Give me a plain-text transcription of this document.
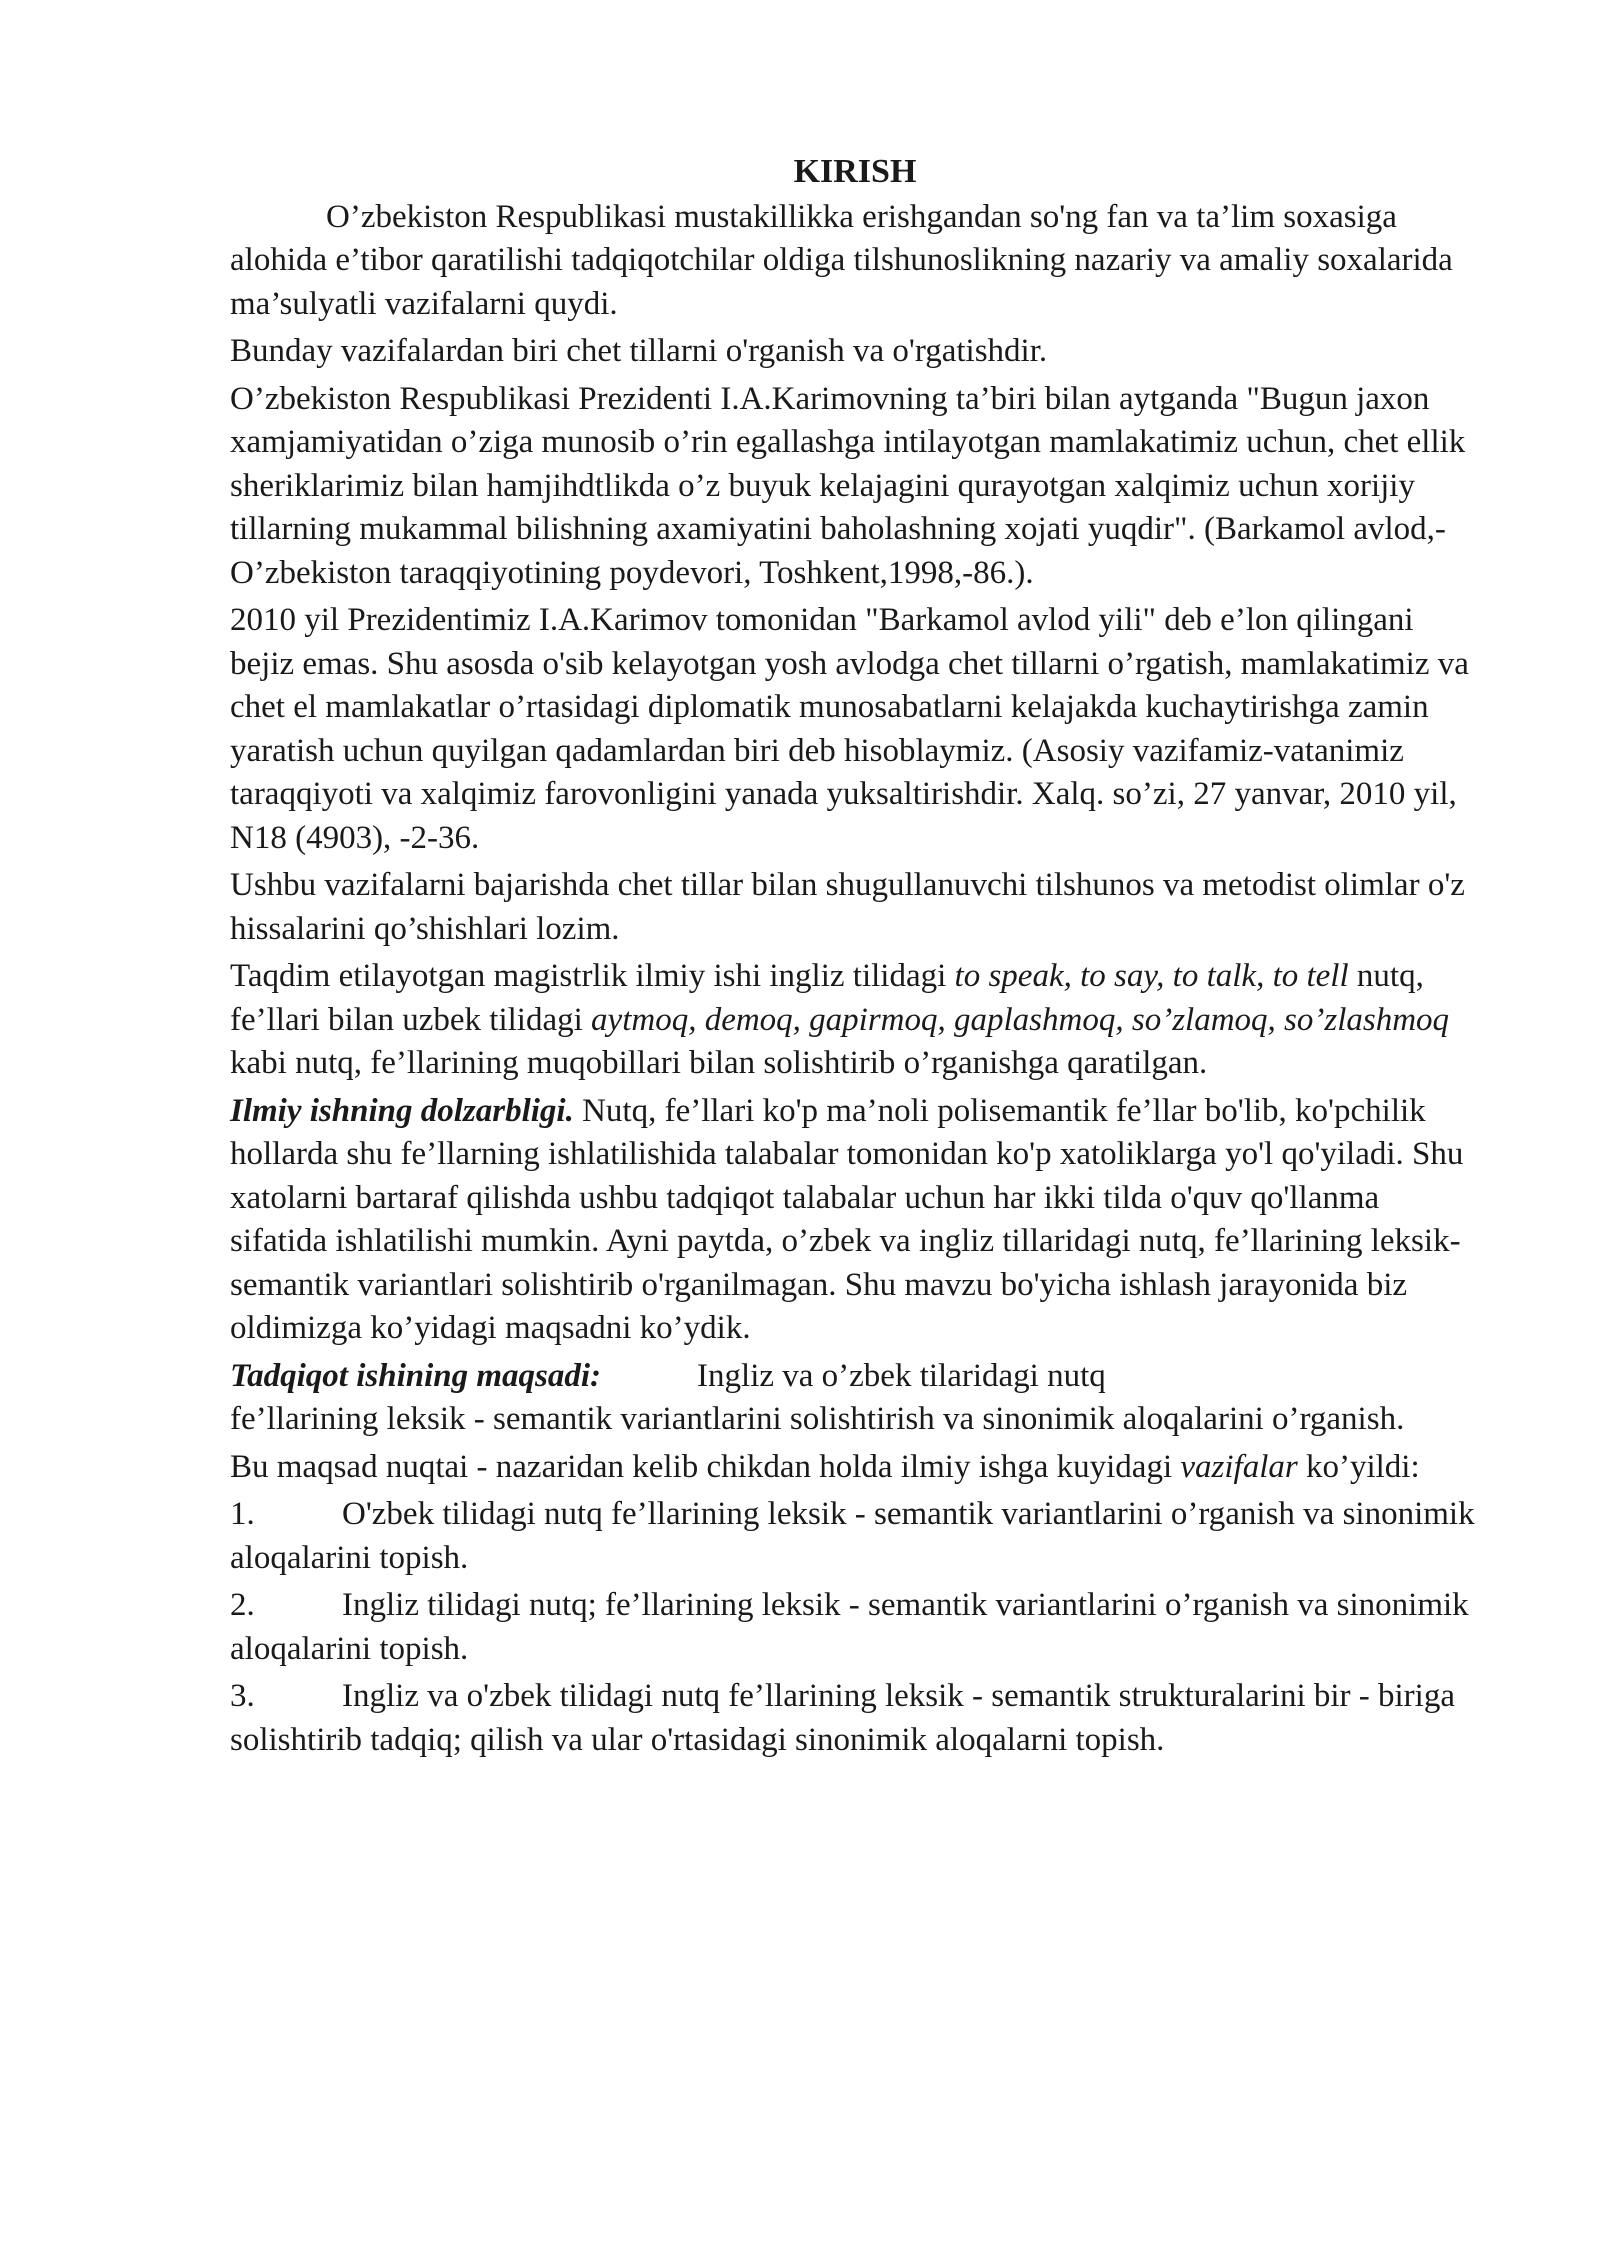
KIRISH

O’zbekiston Respublikasi mustakillikka erishgandan so'ng fan va ta’lim soxasiga alohida e’tibor qaratilishi tadqiqotchilar oldiga tilshunoslikning nazariy va amaliy soxalarida ma’sulyatli vazifalarni quydi.

Bunday vazifalardan biri chet tillarni o'rganish va o'rgatishdir.

O’zbekiston Respublikasi Prezidenti I.A.Karimovning ta’biri bilan aytganda "Bugun jaxon xamjamiyatidan o’ziga munosib o’rin egallashga intilayotgan mamlakatimiz uchun, chet ellik sheriklarimiz bilan hamjihdtlikda o’z buyuk kelajagini qurayotgan xalqimiz uchun xorijiy tillarning mukammal bilishning axamiyatini baholashning xojati yuqdir". (Barkamol avlod,-O’zbekiston taraqqiyotining poydevori, Toshkent,1998,-86.).

2010 yil Prezidentimiz I.A.Karimov tomonidan "Barkamol avlod yili" deb e’lon qilingani bejiz emas. Shu asosda o'sib kelayotgan yosh avlodga chet tillarni o’rgatish, mamlakatimiz va chet el mamlakatlar o’rtasidagi diplomatik munosabatlarni kelajakda kuchaytirishga zamin yaratish uchun quyilgan qadamlardan biri deb hisoblaymiz. (Asosiy vazifamiz-vatanimiz taraqqiyoti va xalqimiz farovonligini yanada yuksaltirishdir. Xalq. so’zi, 27 yanvar, 2010 yil, N18 (4903), -2-36.

Ushbu vazifalarni bajarishda chet tillar bilan shugullanuvchi tilshunos va metodist olimlar o'z hissalarini qo’shishlari lozim.

Taqdim etilayotgan magistrlik ilmiy ishi ingliz tilidagi to speak, to say, to talk, to tell nutq, fe’llari bilan uzbek tilidagi aytmoq, demoq, gapirmoq, gaplashmoq, so’zlamoq, so’zlashmoq kabi nutq, fe’llarining muqobillari bilan solishtirib o’rganishga qaratilgan.

Ilmiy ishning dolzarbligi. Nutq, fe’llari ko'p ma’noli polisemantik fe’llar bo'lib, ko'pchilik hollarda shu fe’llarning ishlatilishida talabalar tomonidan ko'p xatoliklarga yo'l qo'yiladi. Shu xatolarni bartaraf qilishda ushbu tadqiqot talabalar uchun har ikki tilda o'quv qo'llanma sifatida ishlatilishi mumkin. Ayni paytda, o’zbek va ingliz tillaridagi nutq, fe’llarining leksik-semantik variantlari solishtirib o'rganilmagan. Shu mavzu bo'yicha ishlash jarayonida biz oldimizga ko’yidagi maqsadni ko’ydik.

Tadqiqot ishining maqsadi:	Ingliz va o’zbek tilaridagi nutq
fe’llarining leksik - semantik variantlarini solishtirish va sinonimik aloqalarini o’rganish.

Bu maqsad nuqtai - nazaridan kelib chikdan holda ilmiy ishga kuyidagi vazifalar ko’yildi:

1.	O'zbek tilidagi nutq fe’llarining leksik - semantik variantlarini o’rganish va sinonimik aloqalarini topish.

2.	Ingliz tilidagi nutq; fe’llarining leksik - semantik variantlarini o’rganish va sinonimik aloqalarini topish.

3.	Ingliz va o'zbek tilidagi nutq fe’llarining leksik - semantik strukturalarini bir - biriga solishtirib tadqiq; qilish va ular o'rtasidagi sinonimik aloqalarni topish.
